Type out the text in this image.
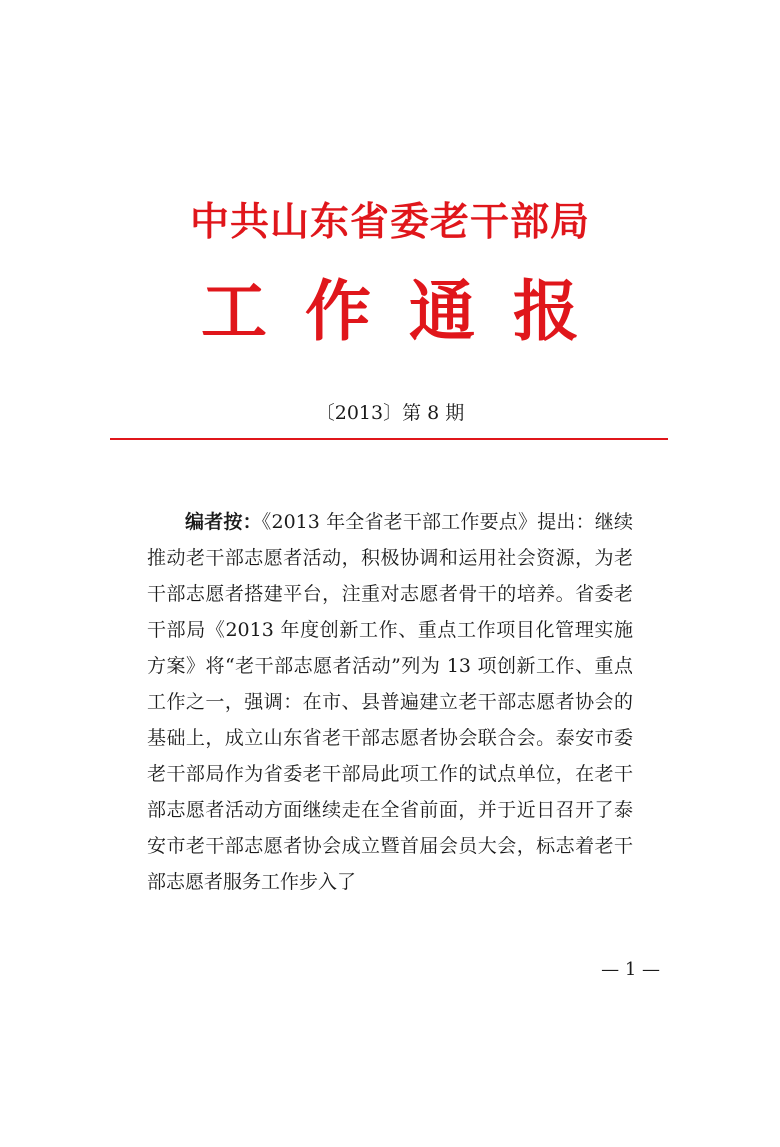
中共山东省委老干部局
工作通报
〔2013〕第 8 期

编者按：《2013 年全省老干部工作要点》提出：继续推动老干部志愿者活动，积极协调和运用社会资源，为老干部志愿者搭建平台，注重对志愿者骨干的培养。省委老干部局《2013 年度创新工作、重点工作项目化管理实施方案》将“老干部志愿者活动”列为 13 项创新工作、重点工作之一，强调：在市、县普遍建立老干部志愿者协会的基础上，成立山东省老干部志愿者协会联合会。泰安市委老干部局作为省委老干部局此项工作的试点单位，在老干部志愿者活动方面继续走在全省前面，并于近日召开了泰安市老干部志愿者协会成立暨首届会员大会，标志着老干部志愿者服务工作步入了

— 1 —
